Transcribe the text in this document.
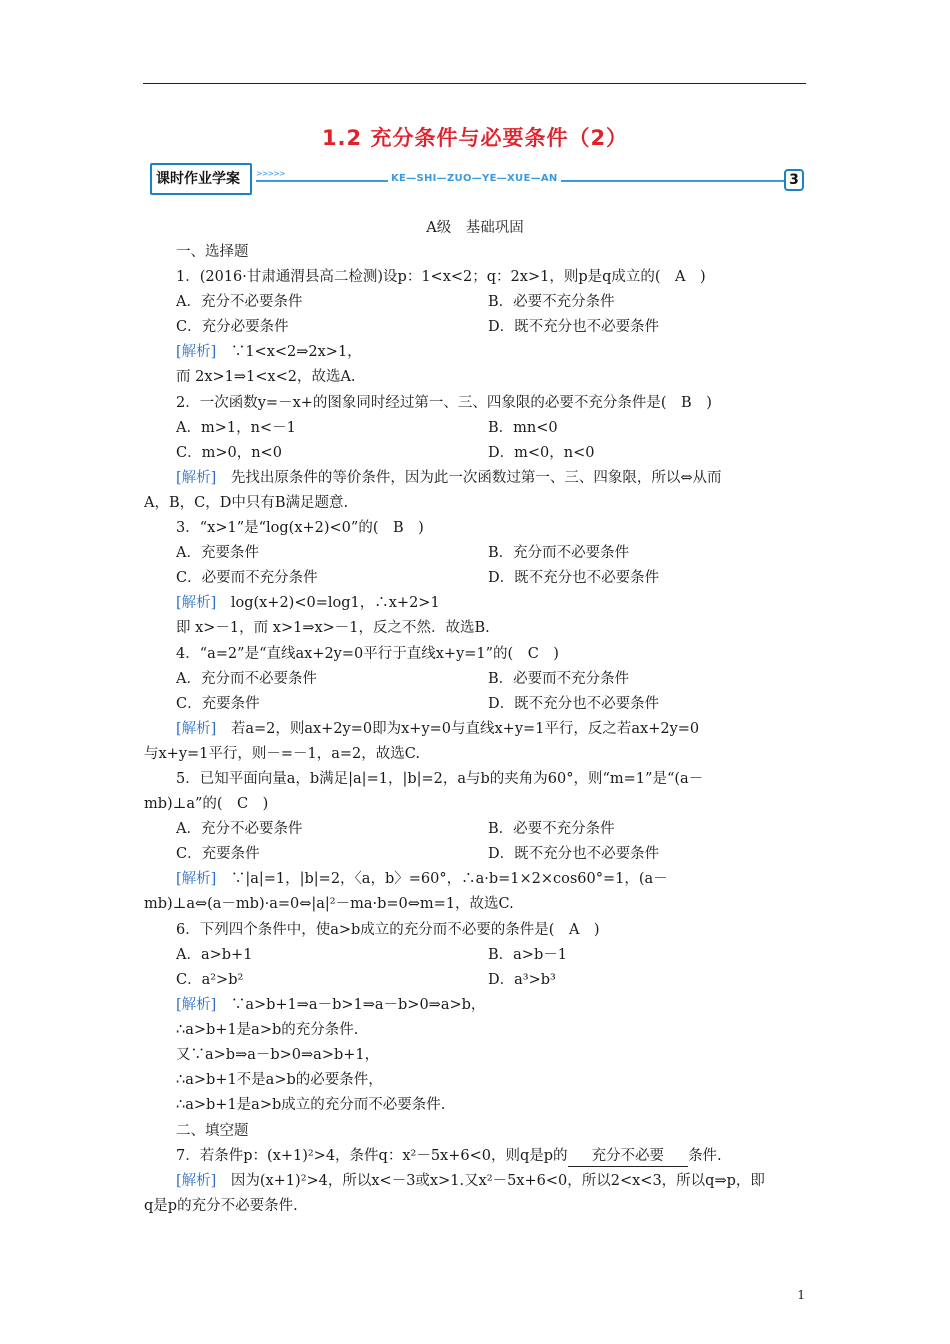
1.2 充分条件与必要条件（2）
课时作业学案	>>>>>	KE—SHI—ZUO—YE—XUE—AN	3
A级　基础巩固
一、选择题
1．(2016·甘肃通渭县高二检测)设p：1<x<2；q：2x>1，则p是q成立的(　A　)
A．充分不必要条件	B．必要不充分条件
C．充分必要条件	D．既不充分也不必要条件
[解析]　 ∵1<x<2⇒2x>1，
而 2x>1⇒1<x<2，故选A.
2．一次函数y=－x+的图象同时经过第一、三、四象限的必要不充分条件是(　B　)
A．m>1，n<－1	B．mn<0
C．m>0，n<0	D．m<0，n<0
[解析]　 先找出原条件的等价条件，因为此一次函数过第一、三、四象限，所以⇔从而
A，B，C，D中只有B满足题意.
3．“x>1”是“log(x+2)<0”的(　B　)
A．充要条件	B．充分而不必要条件
C．必要而不充分条件	D．既不充分也不必要条件
[解析]　 log(x+2)<0=log1，∴x+2>1
即 x>－1，而 x>1⇒x>－1，反之不然．故选B.
4．“a=2”是“直线ax+2y=0平行于直线x+y=1”的(　C　)
A．充分而不必要条件	B．必要而不充分条件
C．充要条件	D．既不充分也不必要条件
[解析]　 若a=2，则ax+2y=0即为x+y=0与直线x+y=1平行，反之若ax+2y=0
与x+y=1平行，则－=－1，a=2，故选C.
5．已知平面向量a，b满足|a|=1，|b|=2，a与b的夹角为60°，则“m=1”是“(a－
mb)⊥a”的(　C　)
A．充分不必要条件	B．必要不充分条件
C．充要条件	D．既不充分也不必要条件
[解析]　 ∵|a|=1，|b|=2，〈a，b〉=60°，∴a·b=1×2×cos60°=1，(a－
mb)⊥a⇔(a－mb)·a=0⇔|a|²－ma·b=0⇔m=1，故选C.
6．下列四个条件中，使a>b成立的充分而不必要的条件是(　A　)
A．a>b+1	B．a>b－1
C．a²>b²	D．a³>b³
[解析]　 ∵a>b+1⇒a－b>1⇒a－b>0⇒a>b，
∴a>b+1是a>b的充分条件.
又∵a>b⇒a－b>0⇒a>b+1，
∴a>b+1不是a>b的必要条件，
∴a>b+1是a>b成立的充分而不必要条件.
二、填空题
7．若条件p：(x+1)²>4，条件q：x²－5x+6<0，则q是p的 充分不必要 条件.
[解析]　 因为(x+1)²>4，所以x<－3或x>1.又x²－5x+6<0，所以2<x<3，所以q⇒p，即
q是p的充分不必要条件.
1
